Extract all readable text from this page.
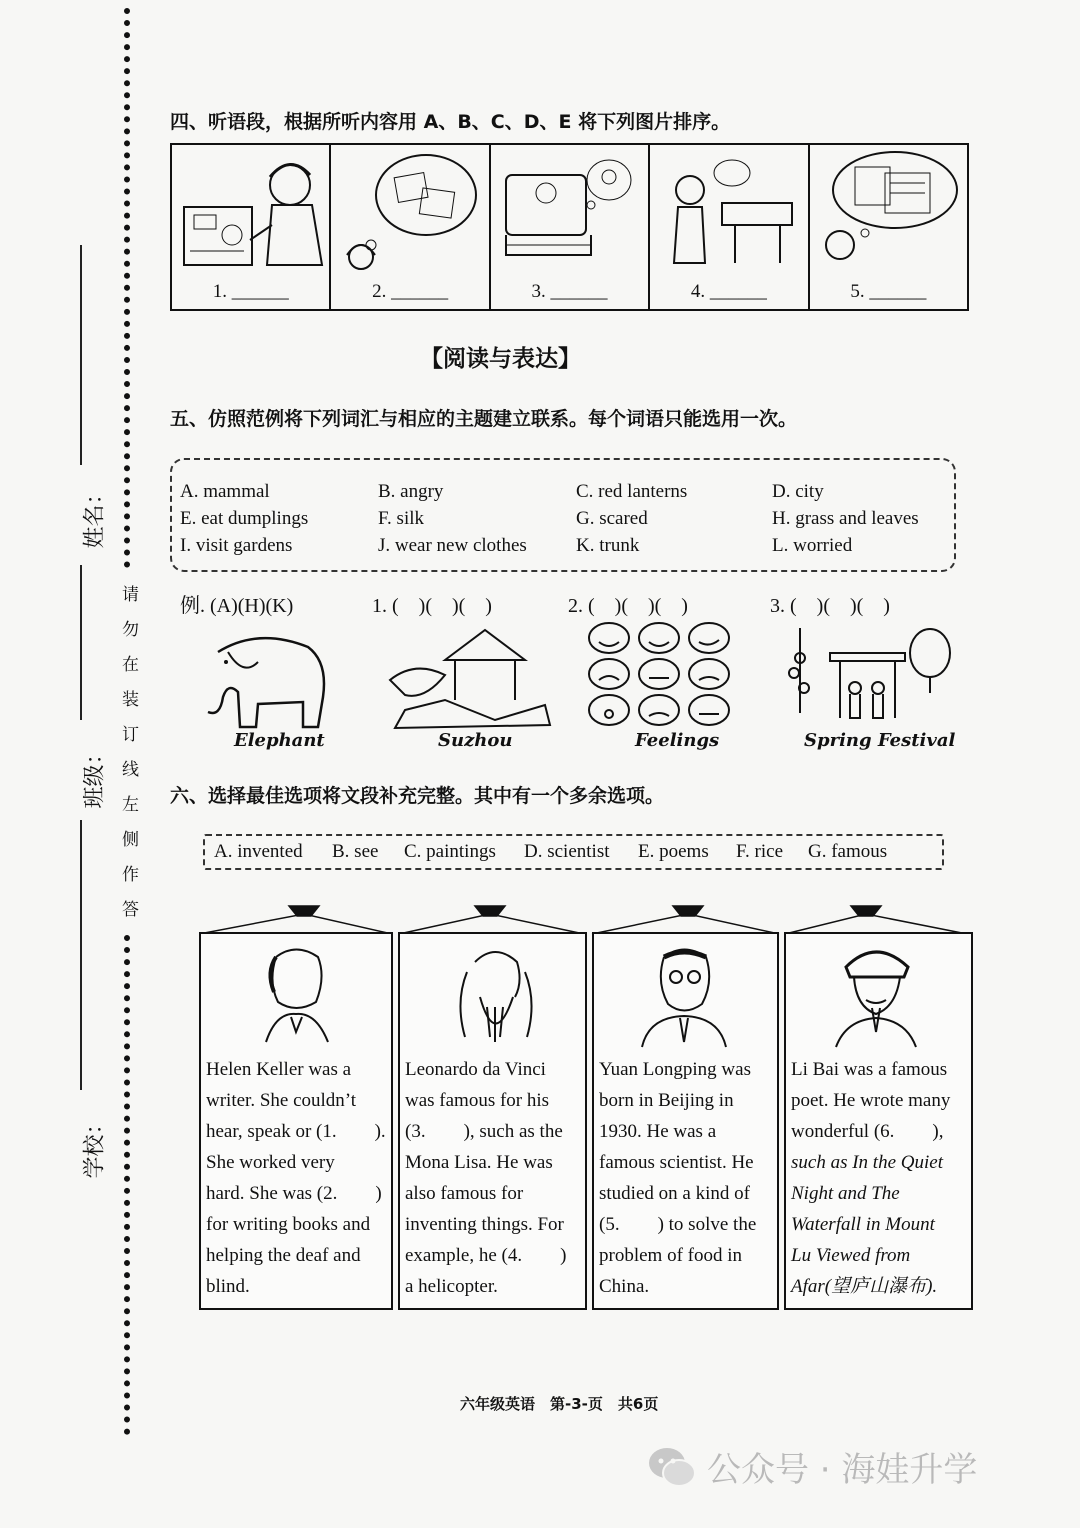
姓名：
班级：
学校：
请
勿
在
装
订
线
左
侧
作
答
四、听语段，根据所听内容用 A、B、C、D、E 将下列图片排序。
1. ______	2. ______	3. ______	4. ______	5. ______
【阅读与表达】
五、仿照范例将下列词汇与相应的主题建立联系。每个词语只能选用一次。
A. mammal	B. angry	C. red lanterns	D. city
E. eat dumplings	F. silk	G. scared	H. grass and leaves
I. visit gardens	J. wear new clothes	K. trunk	L. worried
例. (A)(H)(K)	1. (　)(　)(　)	2. (　)(　)(　)	3. (　)(　)(　)
Elephant	Suzhou	Feelings	Spring Festival
六、选择最佳选项将文段补充完整。其中有一个多余选项。
A. invented B. see C. paintings D. scientist E. poems F. rice G. famous
Helen Keller was a
writer. She couldn’t
hear, speak or (1.　　).
She worked very
hard. She was (2.　　)
for writing books and
helping the deaf and
blind.
Leonardo da Vinci
was famous for his
(3.　　), such as the
Mona Lisa. He was
also famous for
inventing things. For
example, he (4.　　)
a helicopter.
Yuan Longping was
born in Beijing in
1930. He was a
famous scientist. He
studied on a kind of
(5.　　) to solve the
problem of food in
China.
Li Bai was a famous
poet. He wrote many
wonderful (6.　　),
such as In the Quiet
Night and The
Waterfall in Mount
Lu Viewed from
Afar(望庐山瀑布).
六年级英语　第-3-页　共6页
公众号 · 海娃升学
